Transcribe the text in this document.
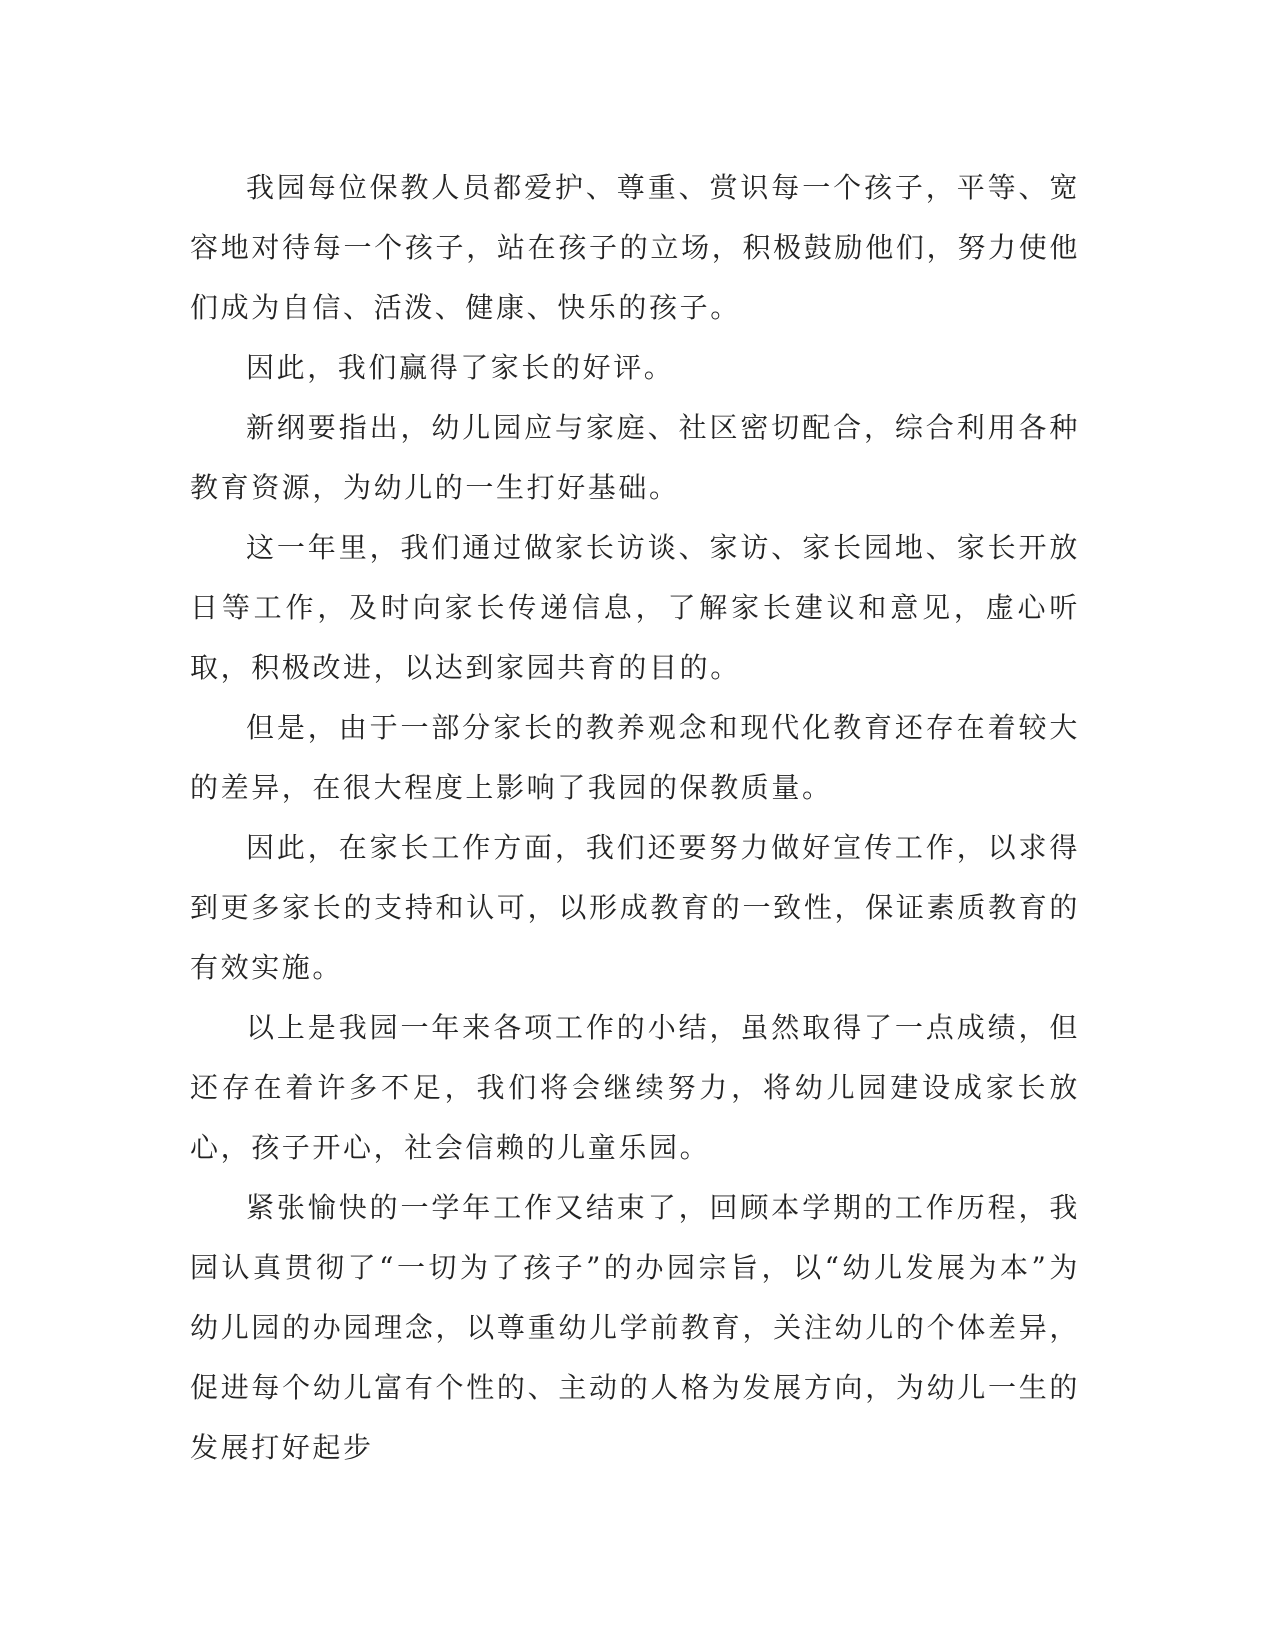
我园每位保教人员都爱护、尊重、赏识每一个孩子，平等、宽容地对待每一个孩子，站在孩子的立场，积极鼓励他们，努力使他们成为自信、活泼、健康、快乐的孩子。

因此，我们赢得了家长的好评。

新纲要指出，幼儿园应与家庭、社区密切配合，综合利用各种教育资源，为幼儿的一生打好基础。

这一年里，我们通过做家长访谈、家访、家长园地、家长开放日等工作，及时向家长传递信息，了解家长建议和意见，虚心听取，积极改进，以达到家园共育的目的。

但是，由于一部分家长的教养观念和现代化教育还存在着较大的差异，在很大程度上影响了我园的保教质量。

因此，在家长工作方面，我们还要努力做好宣传工作，以求得到更多家长的支持和认可，以形成教育的一致性，保证素质教育的有效实施。

以上是我园一年来各项工作的小结，虽然取得了一点成绩，但还存在着许多不足，我们将会继续努力，将幼儿园建设成家长放心，孩子开心，社会信赖的儿童乐园。

紧张愉快的一学年工作又结束了，回顾本学期的工作历程，我园认真贯彻了“一切为了孩子”的办园宗旨，以“幼儿发展为本”为幼儿园的办园理念，以尊重幼儿学前教育，关注幼儿的个体差异，促进每个幼儿富有个性的、主动的人格为发展方向，为幼儿一生的发展打好起步
